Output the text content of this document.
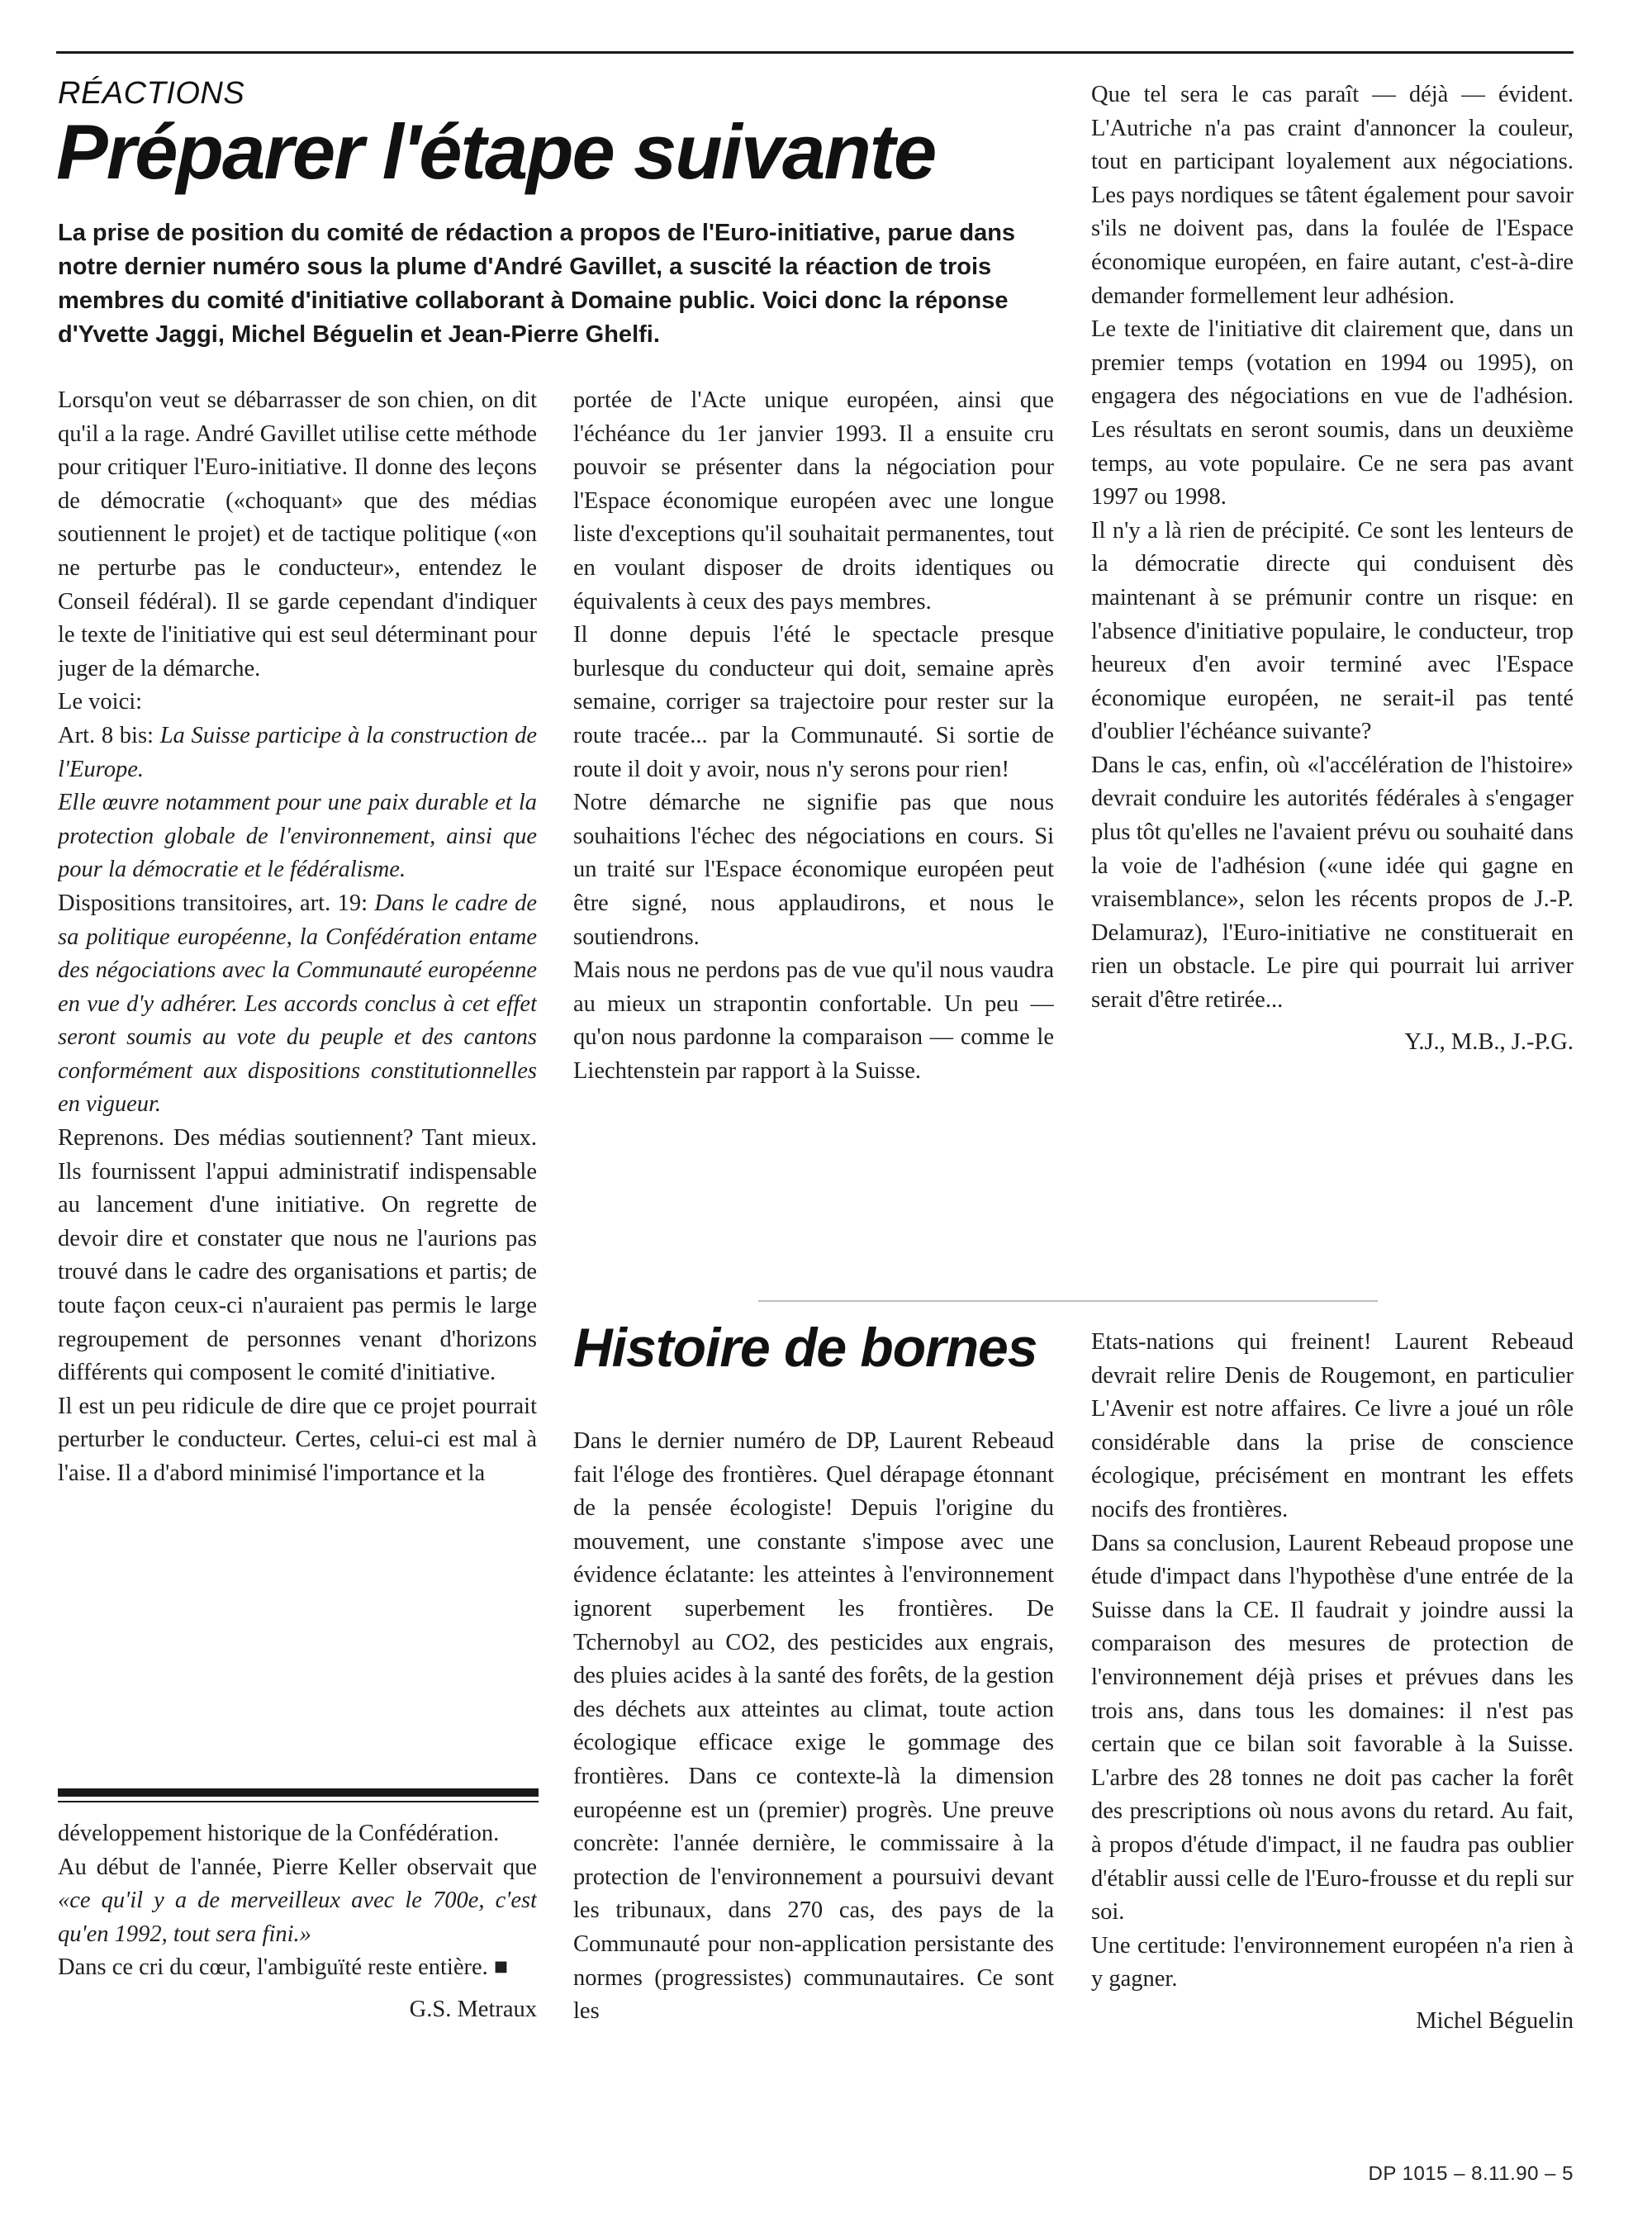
RÉACTIONS
Préparer l'étape suivante

La prise de position du comité de rédaction a propos de l'Euro-initiative, parue dans notre dernier numéro sous la plume d'André Gavillet, a suscité la réaction de trois membres du comité d'initiative collaborant à Domaine public. Voici donc la réponse d'Yvette Jaggi, Michel Béguelin et Jean-Pierre Ghelfi.

Lorsqu'on veut se débarrasser de son chien, on dit qu'il a la rage. André Gavillet utilise cette méthode pour critiquer l'Euro-initiative. Il donne des leçons de démocratie («choquant» que des médias soutiennent le projet) et de tactique politique («on ne perturbe pas le conducteur», entendez le Conseil fédéral). Il se garde cependant d'indiquer le texte de l'initiative qui est seul déterminant pour juger de la démarche.

Le voici:

Art. 8 bis: La Suisse participe à la construction de l'Europe.

Elle œuvre notamment pour une paix durable et la protection globale de l'environnement, ainsi que pour la démocratie et le fédéralisme.

Dispositions transitoires, art. 19: Dans le cadre de sa politique européenne, la Confédération entame des négociations avec la Communauté européenne en vue d'y adhérer. Les accords conclus à cet effet seront soumis au vote du peuple et des cantons conformément aux dispositions constitutionnelles en vigueur.

Reprenons. Des médias soutiennent? Tant mieux. Ils fournissent l'appui administratif indispensable au lancement d'une initiative. On regrette de devoir dire et constater que nous ne l'aurions pas trouvé dans le cadre des organisations et partis; de toute façon ceux-ci n'auraient pas permis le large regroupement de personnes venant d'horizons différents qui composent le comité d'initiative.

Il est un peu ridicule de dire que ce projet pourrait perturber le conducteur. Certes, celui-ci est mal à l'aise. Il a d'abord minimisé l'importance et la

portée de l'Acte unique européen, ainsi que l'échéance du 1er janvier 1993. Il a ensuite cru pouvoir se présenter dans la négociation pour l'Espace économique européen avec une longue liste d'exceptions qu'il souhaitait permanentes, tout en voulant disposer de droits identiques ou équivalents à ceux des pays membres.

Il donne depuis l'été le spectacle presque burlesque du conducteur qui doit, semaine après semaine, corriger sa trajectoire pour rester sur la route tracée... par la Communauté. Si sortie de route il doit y avoir, nous n'y serons pour rien!

Notre démarche ne signifie pas que nous souhaitions l'échec des négociations en cours. Si un traité sur l'Espace économique européen peut être signé, nous applaudirons, et nous le soutiendrons.

Mais nous ne perdons pas de vue qu'il nous vaudra au mieux un strapontin confortable. Un peu — qu'on nous pardonne la comparaison — comme le Liechtenstein par rapport à la Suisse.

Que tel sera le cas paraît — déjà — évident. L'Autriche n'a pas craint d'annoncer la couleur, tout en participant loyalement aux négociations. Les pays nordiques se tâtent également pour savoir s'ils ne doivent pas, dans la foulée de l'Espace économique européen, en faire autant, c'est-à-dire demander formellement leur adhésion.

Le texte de l'initiative dit clairement que, dans un premier temps (votation en 1994 ou 1995), on engagera des négociations en vue de l'adhésion. Les résultats en seront soumis, dans un deuxième temps, au vote populaire. Ce ne sera pas avant 1997 ou 1998.

Il n'y a là rien de précipité. Ce sont les lenteurs de la démocratie directe qui conduisent dès maintenant à se prémunir contre un risque: en l'absence d'initiative populaire, le conducteur, trop heureux d'en avoir terminé avec l'Espace économique européen, ne serait-il pas tenté d'oublier l'échéance suivante?

Dans le cas, enfin, où «l'accélération de l'histoire» devrait conduire les autorités fédérales à s'engager plus tôt qu'elles ne l'avaient prévu ou souhaité dans la voie de l'adhésion («une idée qui gagne en vraisemblance», selon les récents propos de J.-P. Delamuraz), l'Euro-initiative ne constituerait en rien un obstacle. Le pire qui pourrait lui arriver serait d'être retirée...

Y.J., M.B., J.-P.G.

développement historique de la Confédération.

Au début de l'année, Pierre Keller observait que «ce qu'il y a de merveilleux avec le 700e, c'est qu'en 1992, tout sera fini.»

Dans ce cri du cœur, l'ambiguïté reste entière. ■

G.S. Metraux

Histoire de bornes

Dans le dernier numéro de DP, Laurent Rebeaud fait l'éloge des frontières. Quel dérapage étonnant de la pensée écologiste! Depuis l'origine du mouvement, une constante s'impose avec une évidence éclatante: les atteintes à l'environnement ignorent superbement les frontières. De Tchernobyl au CO2, des pesticides aux engrais, des pluies acides à la santé des forêts, de la gestion des déchets aux atteintes au climat, toute action écologique efficace exige le gommage des frontières. Dans ce contexte-là la dimension européenne est un (premier) progrès. Une preuve concrète: l'année dernière, le commissaire à la protection de l'environnement a poursuivi devant les tribunaux, dans 270 cas, des pays de la Communauté pour non-application persistante des normes (progressistes) communautaires. Ce sont les

Etats-nations qui freinent! Laurent Rebeaud devrait relire Denis de Rougemont, en particulier L'Avenir est notre affaires. Ce livre a joué un rôle considérable dans la prise de conscience écologique, précisément en montrant les effets nocifs des frontières.

Dans sa conclusion, Laurent Rebeaud propose une étude d'impact dans l'hypothèse d'une entrée de la Suisse dans la CE. Il faudrait y joindre aussi la comparaison des mesures de protection de l'environnement déjà prises et prévues dans les trois ans, dans tous les domaines: il n'est pas certain que ce bilan soit favorable à la Suisse. L'arbre des 28 tonnes ne doit pas cacher la forêt des prescriptions où nous avons du retard. Au fait, à propos d'étude d'impact, il ne faudra pas oublier d'établir aussi celle de l'Euro-frousse et du repli sur soi.

Une certitude: l'environnement européen n'a rien à y gagner.

Michel Béguelin

DP 1015 – 8.11.90 – 5
